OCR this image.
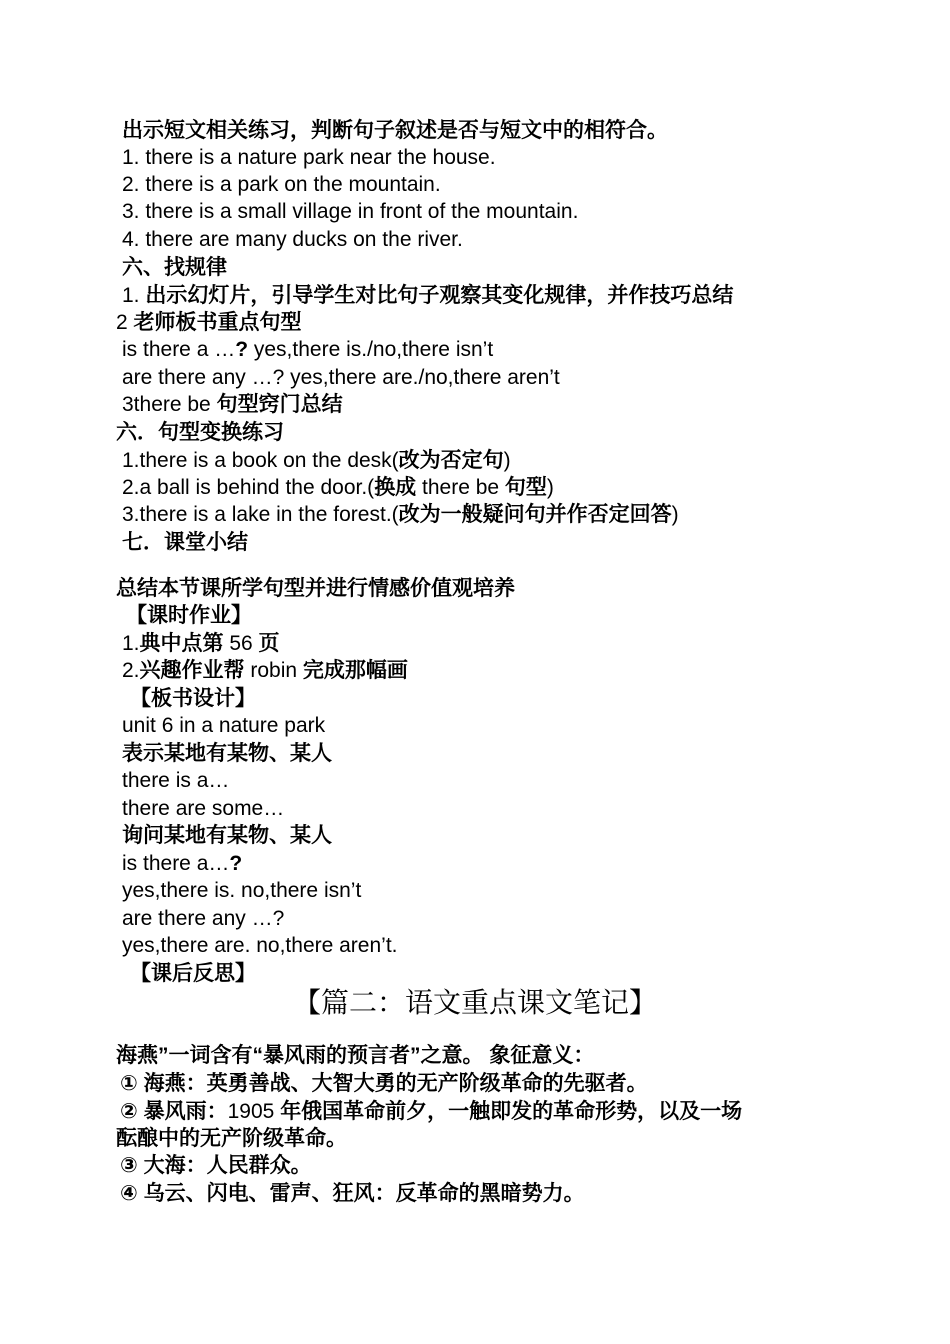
出示短文相关练习，判断句子叙述是否与短文中的相符合。
1. there is a nature park near the house.
2. there is a park on the mountain.
3. there is a small village in front of the mountain.
4. there are many ducks on the river.
六、找规律
1. 出示幻灯片，引导学生对比句子观察其变化规律，并作技巧总结
2 老师板书重点句型
is there a …? yes,there is./no,there isn’t
are there any …? yes,there are./no,there aren’t
3there be 句型窍门总结
六．句型变换练习
1.there is a book on the desk(改为否定句)
2.a ball is behind the door.(换成 there be 句型)
3.there is a lake in the forest.(改为一般疑问句并作否定回答)
七．课堂小结
总结本节课所学句型并进行情感价值观培养
【课时作业】
1.典中点第 56 页
2.兴趣作业帮 robin 完成那幅画
【板书设计】
unit 6 in a nature park
表示某地有某物、某人
there is a…
there are some…
询问某地有某物、某人
is there a…?
yes,there is. no,there isn’t
are there any …?
yes,there are. no,there aren’t.
【课后反思】
【篇二：语文重点课文笔记】
海燕”一词含有“暴风雨的预言者”之意。 象征意义：
① 海燕：英勇善战、大智大勇的无产阶级革命的先驱者。
② 暴风雨：1905 年俄国革命前夕，一触即发的革命形势，以及一场
酝酿中的无产阶级革命。
③ 大海：人民群众。
④ 乌云、闪电、雷声、狂风：反革命的黑暗势力。
